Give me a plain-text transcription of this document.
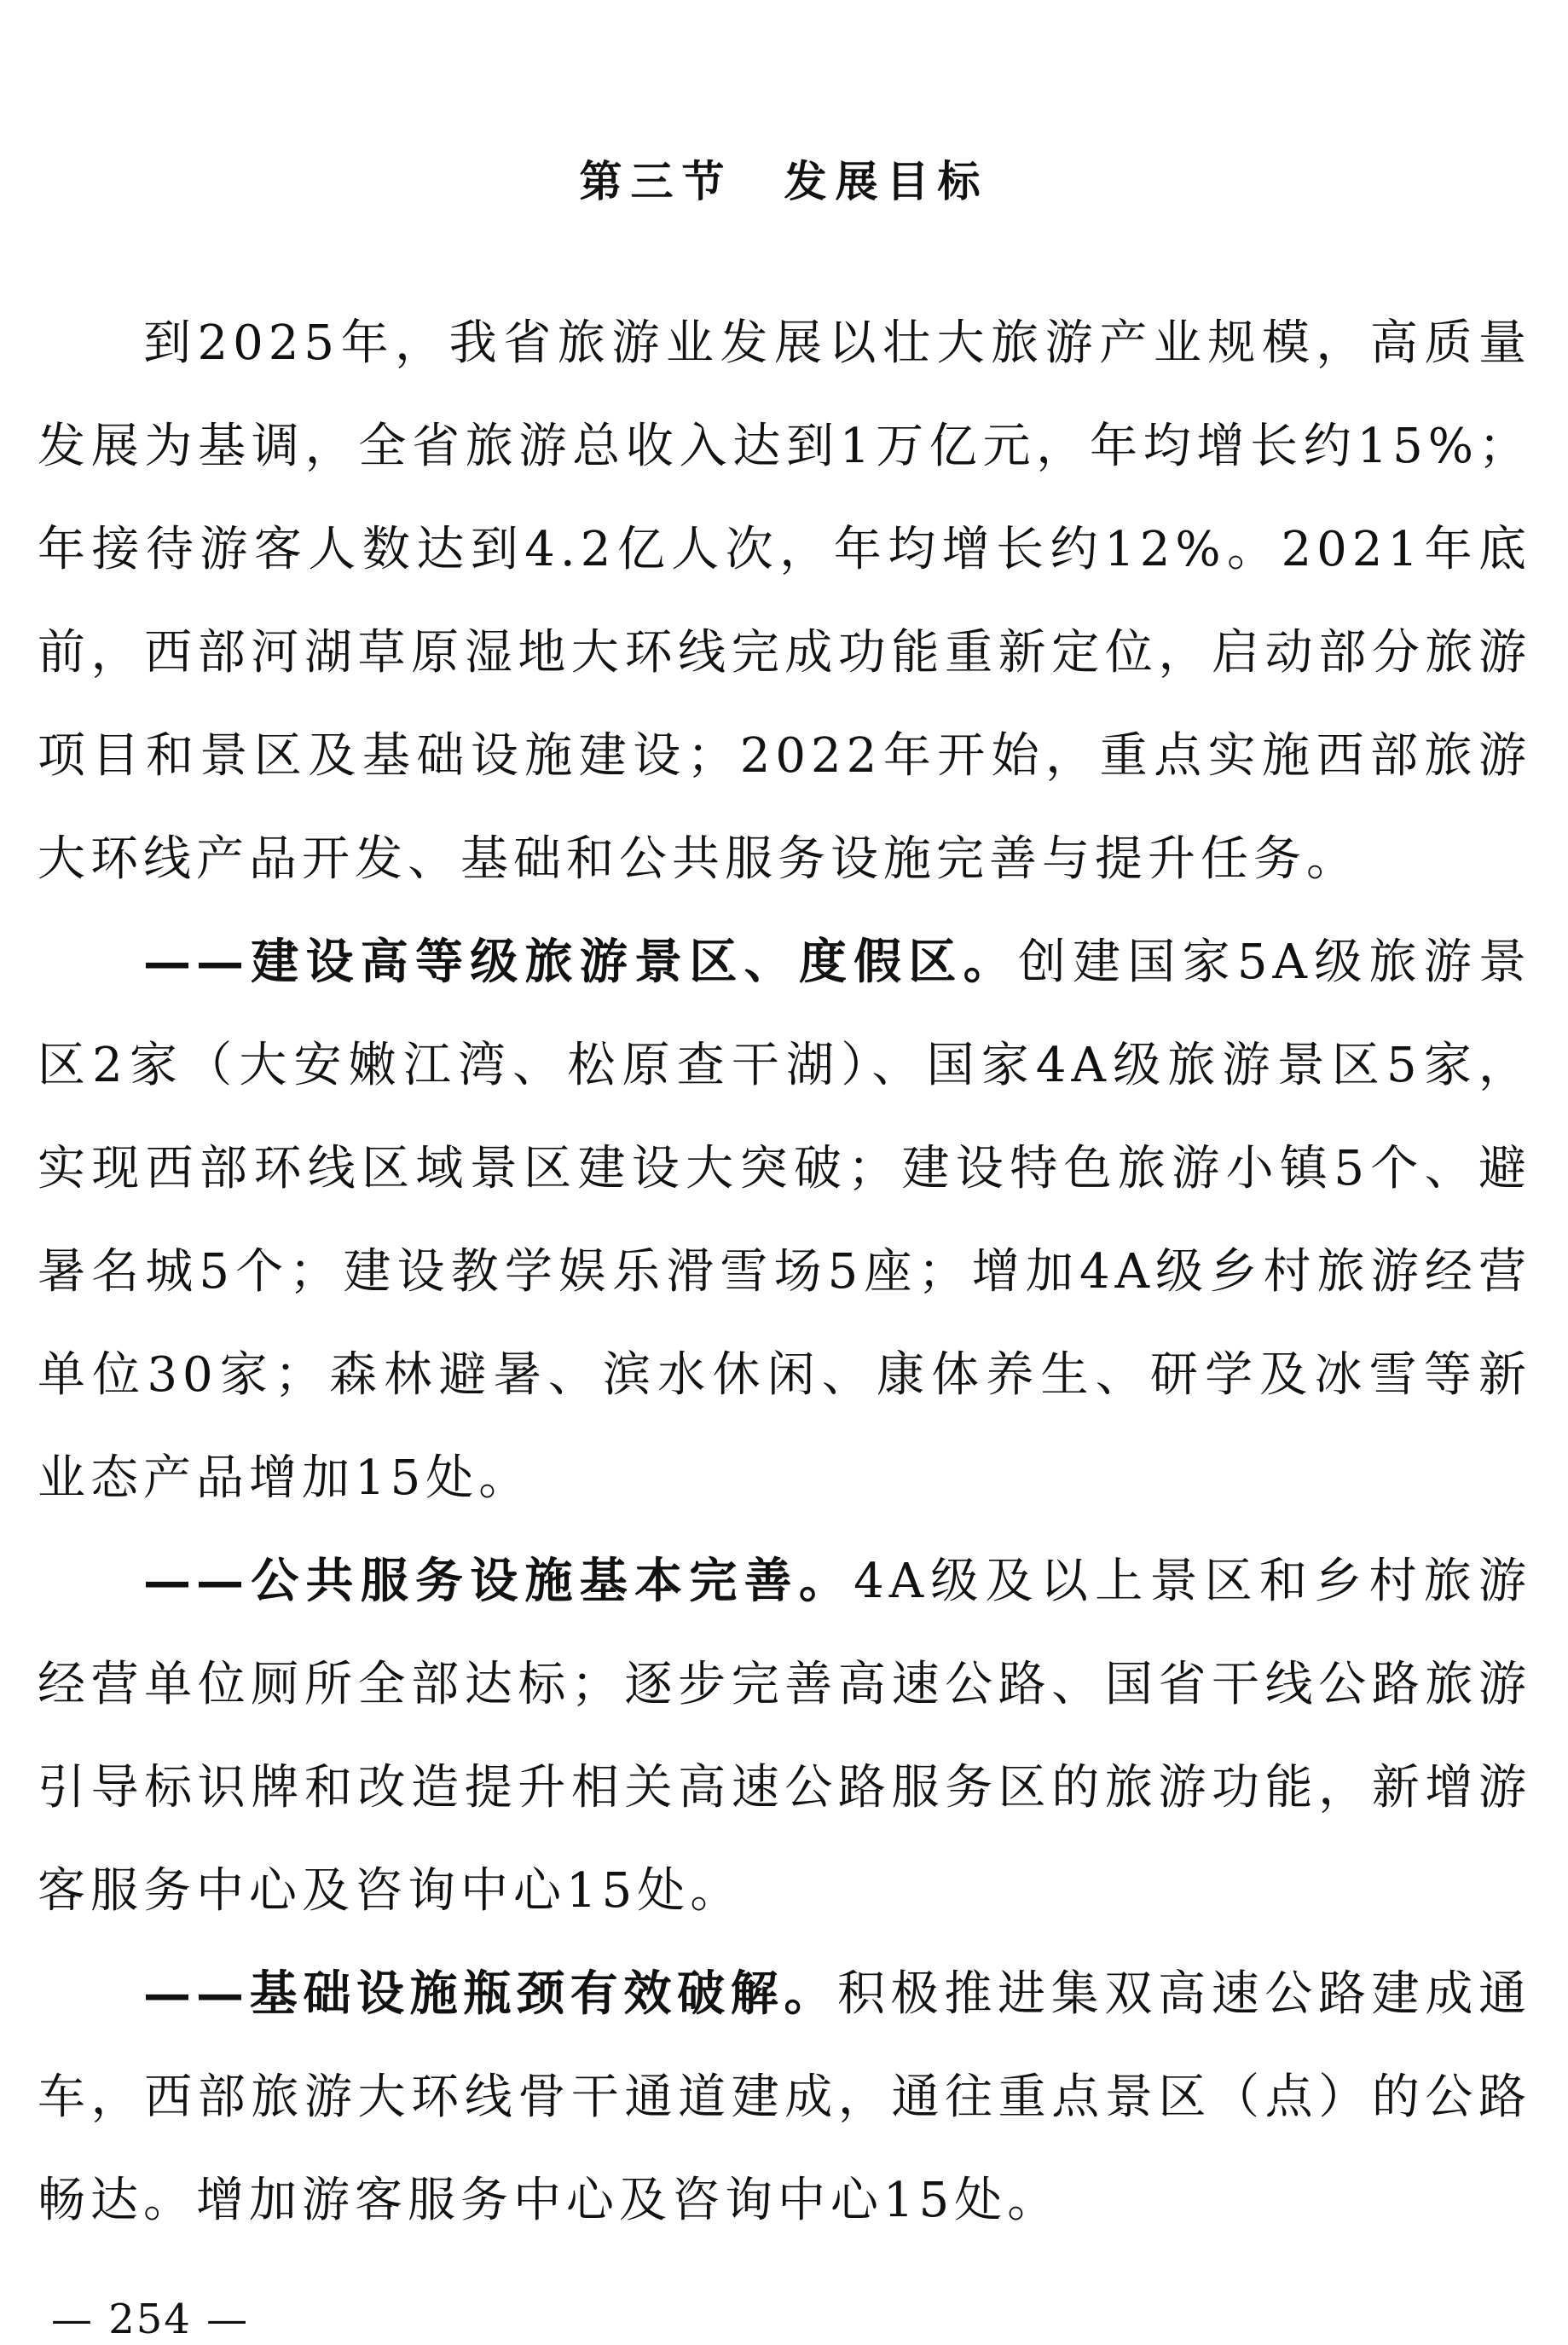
第三节　发展目标

到2025年，我省旅游业发展以壮大旅游产业规模，高质量发展为基调，全省旅游总收入达到1万亿元，年均增长约15%；年接待游客人数达到4.2亿人次，年均增长约12%。2021年底前，西部河湖草原湿地大环线完成功能重新定位，启动部分旅游项目和景区及基础设施建设；2022年开始，重点实施西部旅游大环线产品开发、基础和公共服务设施完善与提升任务。

——建设高等级旅游景区、度假区。创建国家5A级旅游景区2家（大安嫩江湾、松原查干湖）、国家4A级旅游景区5家，实现西部环线区域景区建设大突破；建设特色旅游小镇5个、避暑名城5个；建设教学娱乐滑雪场5座；增加4A级乡村旅游经营单位30家；森林避暑、滨水休闲、康体养生、研学及冰雪等新业态产品增加15处。

——公共服务设施基本完善。4A级及以上景区和乡村旅游经营单位厕所全部达标；逐步完善高速公路、国省干线公路旅游引导标识牌和改造提升相关高速公路服务区的旅游功能，新增游客服务中心及咨询中心15处。

——基础设施瓶颈有效破解。积极推进集双高速公路建成通车，西部旅游大环线骨干通道建成，通往重点景区（点）的公路畅达。增加游客服务中心及咨询中心15处。

— 254 —
